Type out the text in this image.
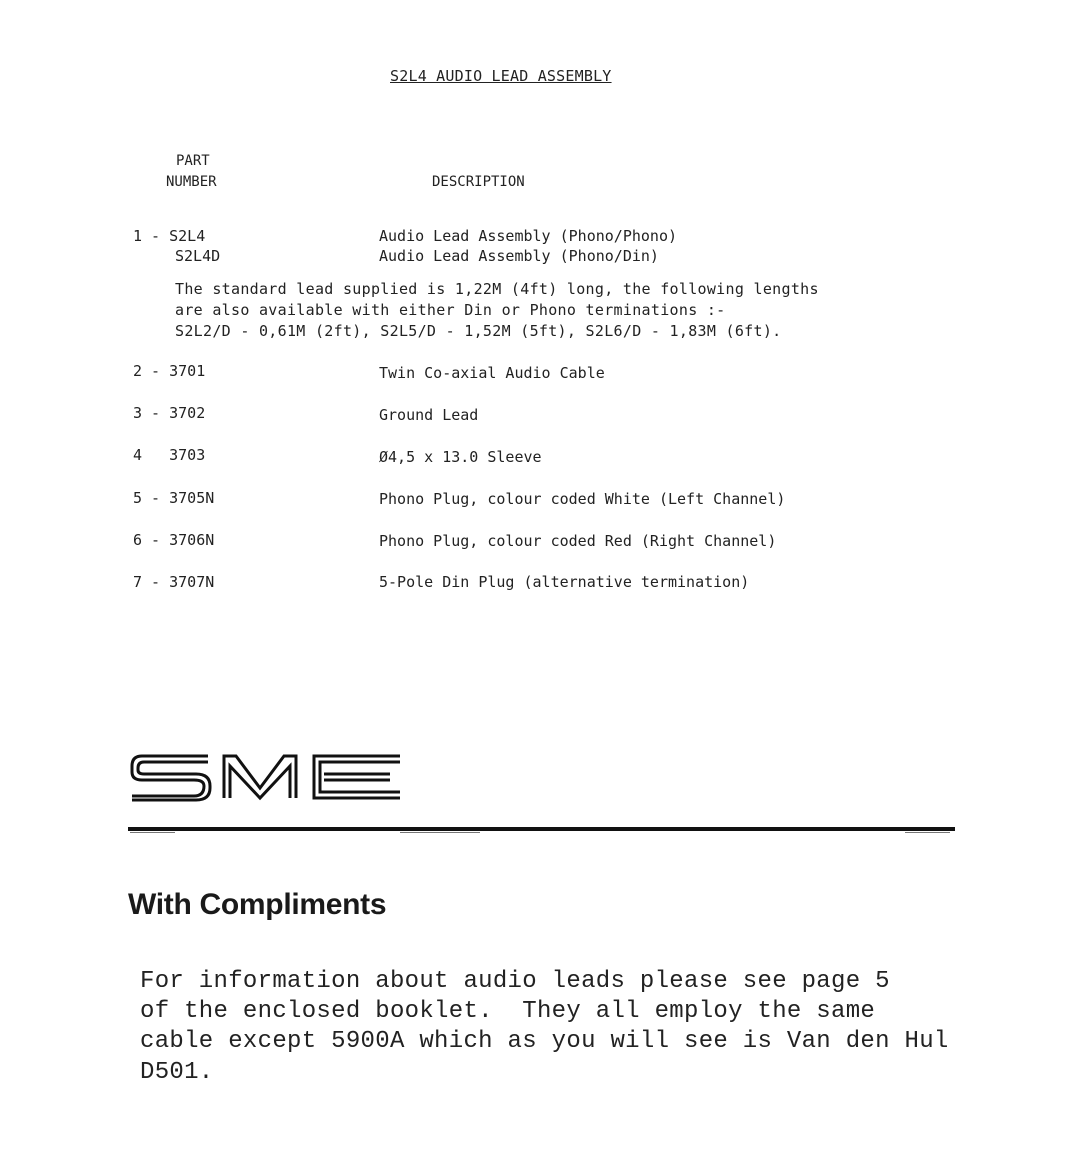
S2L4 AUDIO LEAD ASSEMBLY
PART
NUMBER	DESCRIPTION
1 - S2L4	Audio Lead Assembly (Phono/Phono)
S2L4D	Audio Lead Assembly (Phono/Din)
The standard lead supplied is 1,22M (4ft) long, the following lengths
are also available with either Din or Phono terminations :-
S2L2/D - 0,61M (2ft), S2L5/D - 1,52M (5ft), S2L6/D - 1,83M (6ft).
2 - 3701	Twin Co-axial Audio Cable
3 - 3702	Ground Lead
4   3703	Ø4,5 x 13.0 Sleeve
5 - 3705N	Phono Plug, colour coded White (Left Channel)
6 - 3706N	Phono Plug, colour coded Red (Right Channel)
7 - 3707N	5-Pole Din Plug (alternative termination)
With Compliments
For information about audio leads please see page 5
of the enclosed booklet.  They all employ the same
cable except 5900A which as you will see is Van den Hul
D501.
